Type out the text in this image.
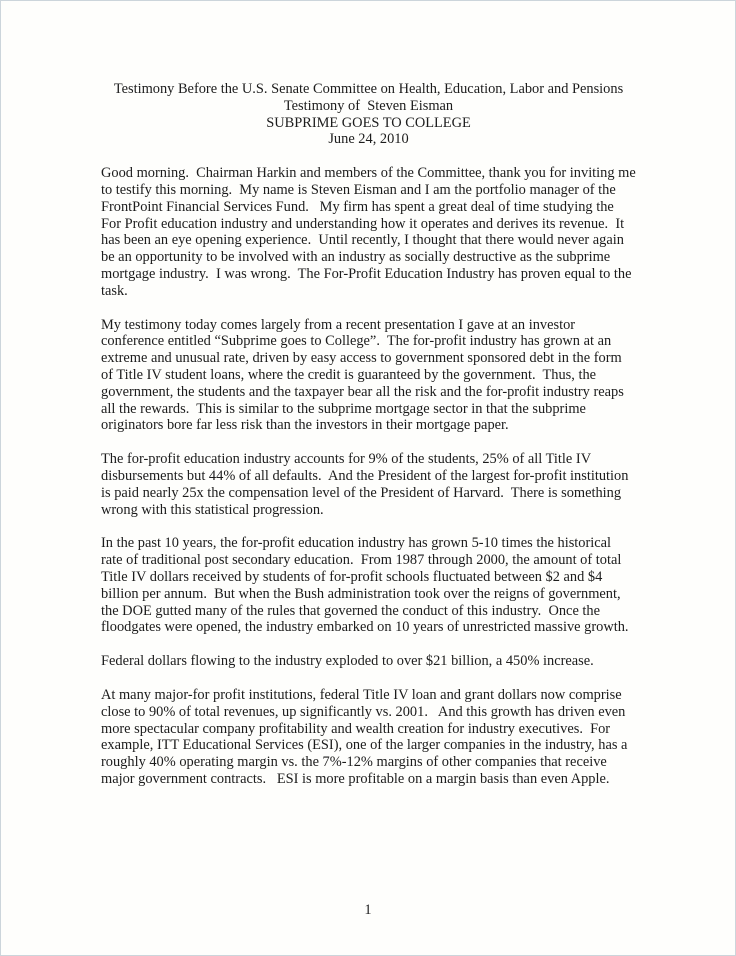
Testimony Before the U.S. Senate Committee on Health, Education, Labor and Pensions
Testimony of  Steven Eisman
SUBPRIME GOES TO COLLEGE
June 24, 2010

Good morning.  Chairman Harkin and members of the Committee, thank you for inviting me to testify this morning.  My name is Steven Eisman and I am the portfolio manager of the FrontPoint Financial Services Fund.   My firm has spent a great deal of time studying the For Profit education industry and understanding how it operates and derives its revenue.  It has been an eye opening experience.  Until recently, I thought that there would never again be an opportunity to be involved with an industry as socially destructive as the subprime mortgage industry.  I was wrong.  The For-Profit Education Industry has proven equal to the task.

My testimony today comes largely from a recent presentation I gave at an investor conference entitled “Subprime goes to College”.  The for-profit industry has grown at an extreme and unusual rate, driven by easy access to government sponsored debt in the form of Title IV student loans, where the credit is guaranteed by the government.  Thus, the government, the students and the taxpayer bear all the risk and the for-profit industry reaps all the rewards.  This is similar to the subprime mortgage sector in that the subprime originators bore far less risk than the investors in their mortgage paper.

The for-profit education industry accounts for 9% of the students, 25% of all Title IV disbursements but 44% of all defaults.  And the President of the largest for-profit institution is paid nearly 25x the compensation level of the President of Harvard.  There is something wrong with this statistical progression.

In the past 10 years, the for-profit education industry has grown 5-10 times the historical rate of traditional post secondary education.  From 1987 through 2000, the amount of total Title IV dollars received by students of for-profit schools fluctuated between $2 and $4 billion per annum.  But when the Bush administration took over the reigns of government, the DOE gutted many of the rules that governed the conduct of this industry.  Once the floodgates were opened, the industry embarked on 10 years of unrestricted massive growth.

Federal dollars flowing to the industry exploded to over $21 billion, a 450% increase.

At many major-for profit institutions, federal Title IV loan and grant dollars now comprise close to 90% of total revenues, up significantly vs. 2001.   And this growth has driven even more spectacular company profitability and wealth creation for industry executives.  For example, ITT Educational Services (ESI), one of the larger companies in the industry, has a roughly 40% operating margin vs. the 7%-12% margins of other companies that receive major government contracts.   ESI is more profitable on a margin basis than even Apple.

1
